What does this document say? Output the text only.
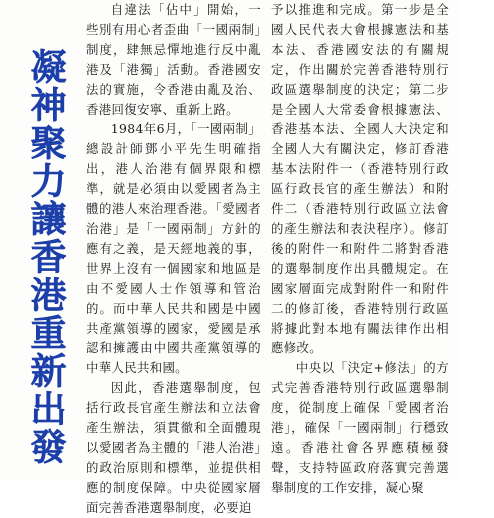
凝神聚力讓香港重新出發

自違法「佔中」開始，一些別有用心者歪曲「一國兩制」制度，肆無忌憚地進行反中亂港及「港獨」活動。香港國安法的實施，令香港由亂及治、香港回復安寧、重新上路。

1984年6月，「一國兩制」總設計師鄧小平先生明確指出，港人治港有個界限和標準，就是必須由以愛國者為主體的港人來治理香港。「愛國者治港」是「一國兩制」方針的應有之義，是天經地義的事，世界上沒有一個國家和地區是由不愛國人士作領導和管治的。而中華人民共和國是中國共產黨領導的國家，愛國是承認和擁護由中國共產黨領導的中華人民共和國。

因此，香港選舉制度，包括行政長官產生辦法和立法會產生辦法，須貫徹和全面體現以愛國者為主體的「港人治港」的政治原則和標準，並提供相應的制度保障。中央從國家層面完善香港選舉制度，必要迫

予以推進和完成。第一步是全國人民代表大會根據憲法和基本法、香港國安法的有關規定，作出關於完善香港特別行政區選舉制度的決定；第二步是全國人大常委會根據憲法、香港基本法、全國人大決定和全國人大有關決定，修訂香港基本法附件一（香港特別行政區行政長官的產生辦法）和附件二（香港特別行政區立法會的產生辦法和表決程序）。修訂後的附件一和附件二將對香港的選舉制度作出具體規定。在國家層面完成對附件一和附件二的修訂後，香港特別行政區將據此對本地有關法律作出相應修改。

中央以「決定+修法」的方式完善香港特別行政區選舉制度，從制度上確保「愛國者治港」，確保「一國兩制」行穩致遠。香港社會各界應積極發聲，支持特區政府落實完善選舉制度的工作安排，凝心聚
